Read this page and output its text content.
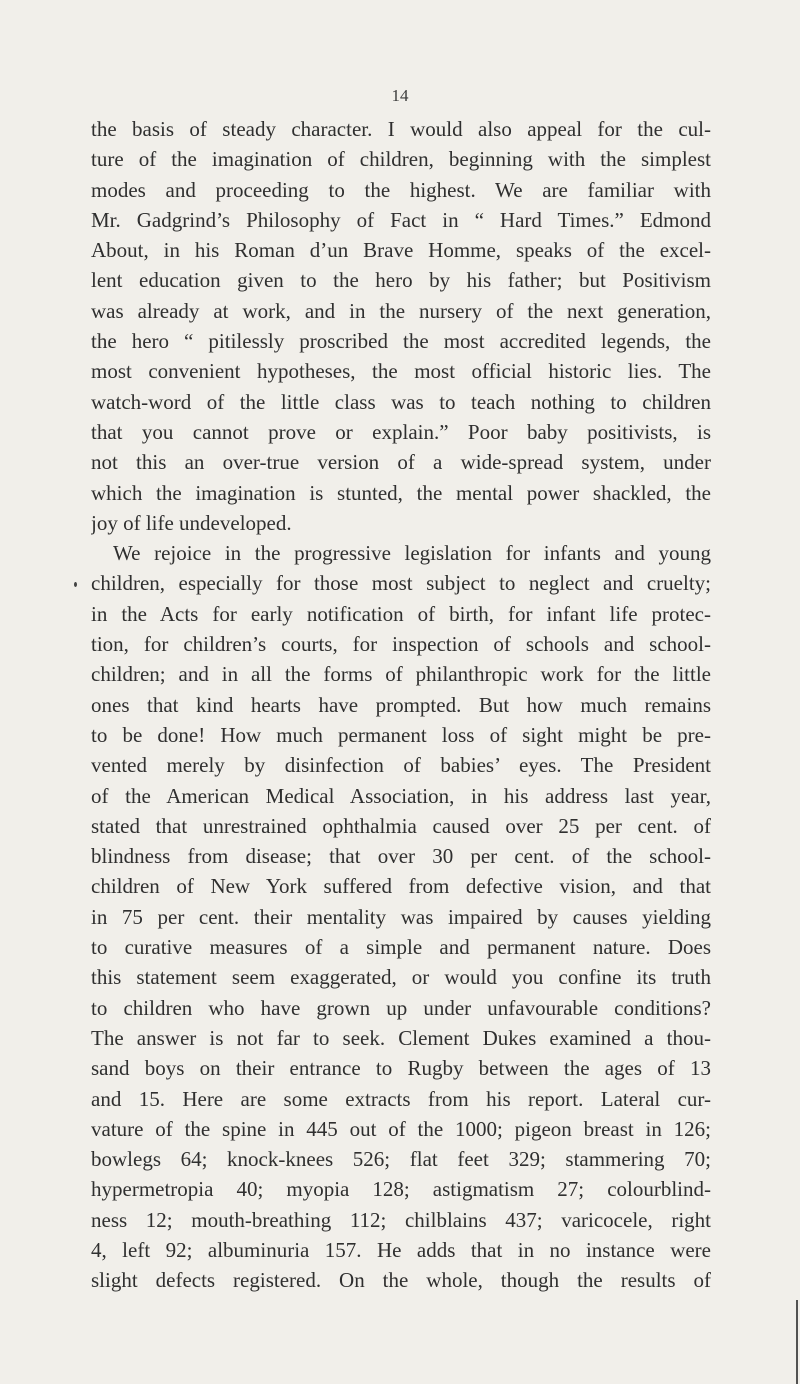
14
the basis of steady character. I would also appeal for the cul-
ture of the imagination of children, beginning with the simplest
modes and proceeding to the highest. We are familiar with
Mr. Gadgrind’s Philosophy of Fact in “ Hard Times.” Edmond
About, in his Roman d’un Brave Homme, speaks of the excel-
lent education given to the hero by his father; but Positivism
was already at work, and in the nursery of the next generation,
the hero “ pitilessly proscribed the most accredited legends, the
most convenient hypotheses, the most official historic lies. The
watch-word of the little class was to teach nothing to children
that you cannot prove or explain.” Poor baby positivists, is
not this an over-true version of a wide-spread system, under
which the imagination is stunted, the mental power shackled, the
joy of life undeveloped.
We rejoice in the progressive legislation for infants and young
children, especially for those most subject to neglect and cruelty;
in the Acts for early notification of birth, for infant life protec-
tion, for children’s courts, for inspection of schools and school-
children; and in all the forms of philanthropic work for the little
ones that kind hearts have prompted. But how much remains
to be done! How much permanent loss of sight might be pre-
vented merely by disinfection of babies’ eyes. The President
of the American Medical Association, in his address last year,
stated that unrestrained ophthalmia caused over 25 per cent. of
blindness from disease; that over 30 per cent. of the school-
children of New York suffered from defective vision, and that
in 75 per cent. their mentality was impaired by causes yielding
to curative measures of a simple and permanent nature. Does
this statement seem exaggerated, or would you confine its truth
to children who have grown up under unfavourable conditions?
The answer is not far to seek. Clement Dukes examined a thou-
sand boys on their entrance to Rugby between the ages of 13
and 15. Here are some extracts from his report. Lateral cur-
vature of the spine in 445 out of the 1000; pigeon breast in 126;
bowlegs 64; knock-knees 526; flat feet 329; stammering 70;
hypermetropia 40; myopia 128; astigmatism 27; colourblind-
ness 12; mouth-breathing 112; chilblains 437; varicocele, right
4, left 92; albuminuria 157. He adds that in no instance were
slight defects registered. On the whole, though the results of
